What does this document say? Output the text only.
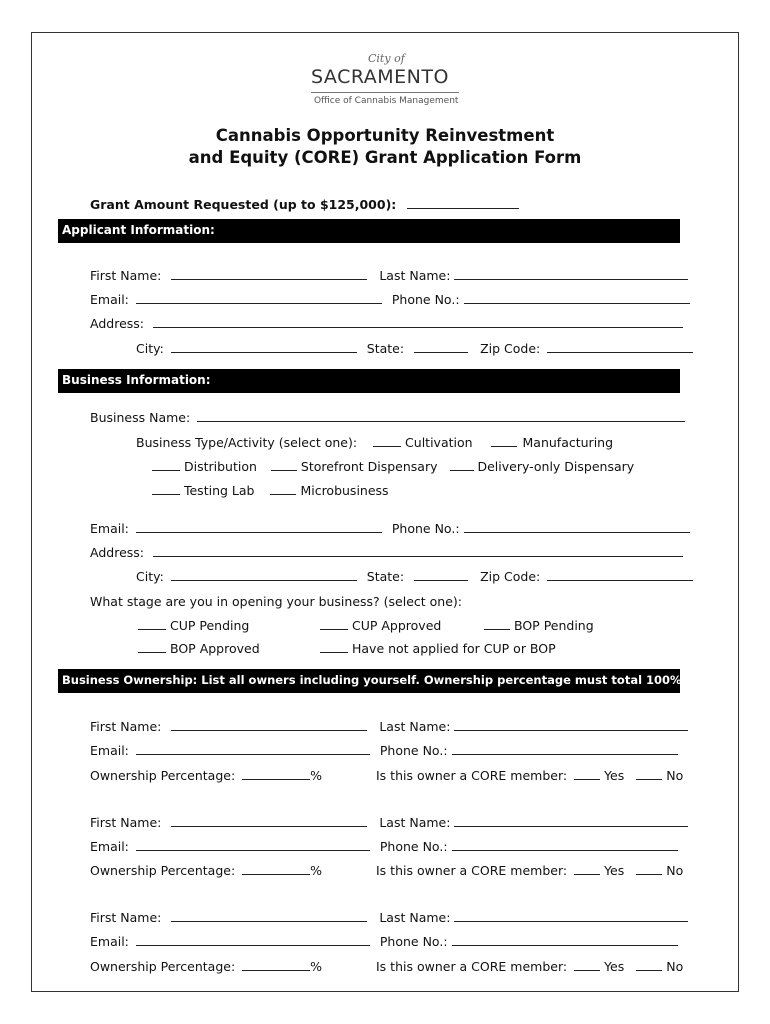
City of
SACRAMENTO
Office of Cannabis Management
Cannabis Opportunity Reinvestment
and Equity (CORE) Grant Application Form
Grant Amount Requested (up to $125,000):
Applicant Information:
First Name:	Last Name:
Email:	Phone No.:
Address:
City:	State:	Zip Code:
Business Information:
Business Name:
Business Type/Activity (select one):	Cultivation	Manufacturing
Distribution	Storefront Dispensary	Delivery-only Dispensary
Testing Lab	Microbusiness
Email:	Phone No.:
Address:
City:	State:	Zip Code:
What stage are you in opening your business? (select one):
CUP Pending	CUP Approved	BOP Pending
BOP Approved	Have not applied for CUP or BOP
Business Ownership: List all owners including yourself. Ownership percentage must total 100%
First Name:	Last Name:
Email:	Phone No.:
Ownership Percentage:	%	Is this owner a CORE member:	Yes	No
First Name:	Last Name:
Email:	Phone No.:
Ownership Percentage:	%	Is this owner a CORE member:	Yes	No
First Name:	Last Name:
Email:	Phone No.:
Ownership Percentage:	%	Is this owner a CORE member:	Yes	No
